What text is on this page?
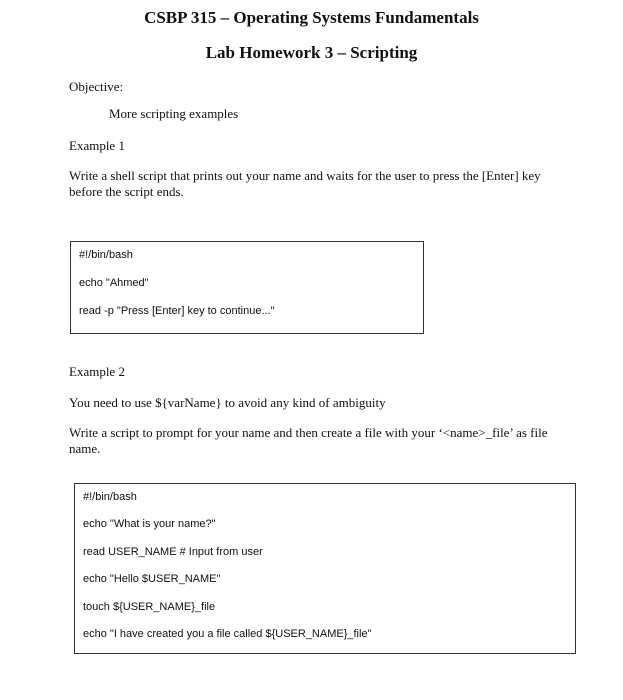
CSBP 315 – Operating Systems Fundamentals
Lab Homework 3 – Scripting
Objective:
More scripting examples
Example 1
Write a shell script that prints out your name and waits for the user to press the [Enter] key before the script ends.
#!/bin/bash
echo "Ahmed"
read -p "Press [Enter] key to continue..."
Example 2
You need to use ${varName} to avoid any kind of ambiguity
Write a script to prompt for your name and then create a file with your ‘<name>_file’ as file name.
#!/bin/bash
echo "What is your name?"
read USER_NAME # Input from user
echo "Hello $USER_NAME"
touch ${USER_NAME}_file
echo "I have created you a file called ${USER_NAME}_file"
